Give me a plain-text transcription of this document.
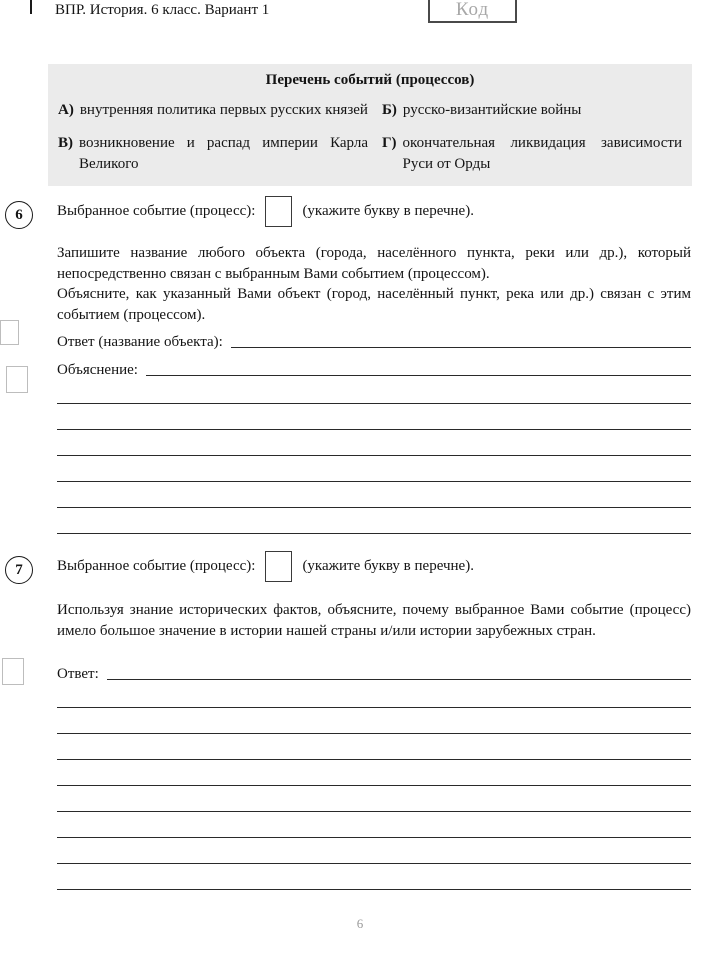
ВПР. История. 6 класс. Вариант 1	Код
Перечень событий (процессов)
А) внутренняя политика первых русских князей Б) русско-византийские войны
В) возникновение и распад империи Карла Великого
Г) окончательная ликвидация зависимости Руси от Орды
6	Выбранное событие (процесс):	(укажите букву в перечне).
Запишите название любого объекта (города, населённого пункта, реки или др.), который непосредственно связан с выбранным Вами событием (процессом).
Объясните, как указанный Вами объект (город, населённый пункт, река или др.) связан с этим событием (процессом).
Ответ (название объекта):
Объяснение:
7	Выбранное событие (процесс):	(укажите букву в перечне).
Используя знание исторических фактов, объясните, почему выбранное Вами событие (процесс) имело большое значение в истории нашей страны и/или истории зарубежных стран.
Ответ:
6
